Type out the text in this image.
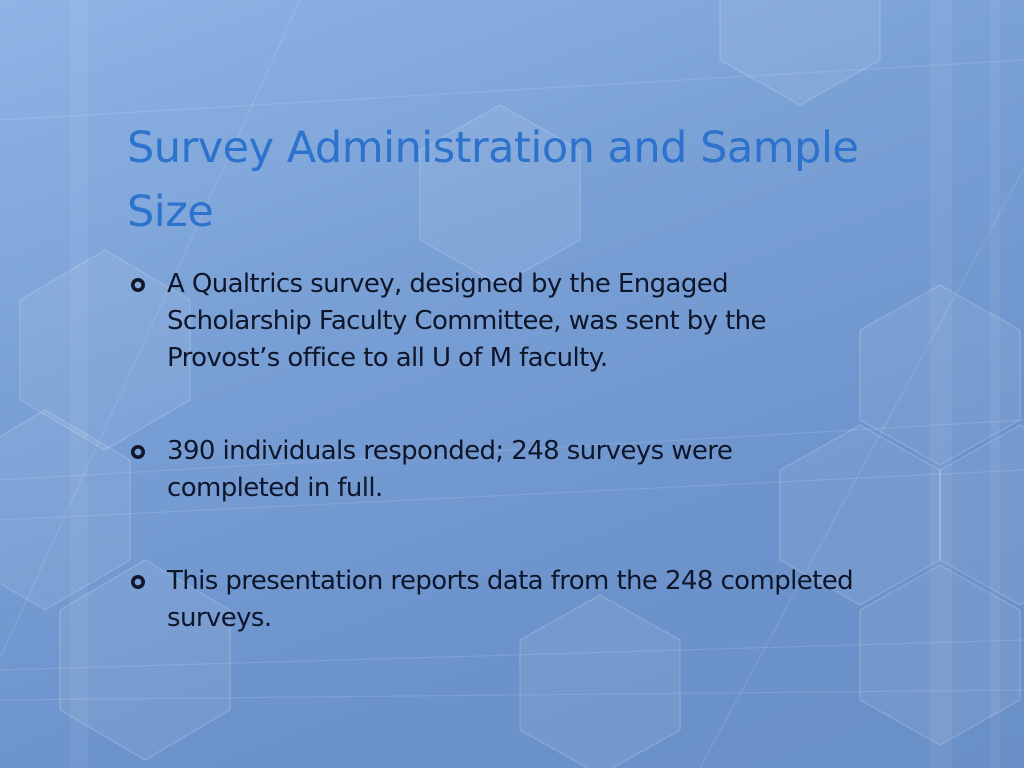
Survey Administration and Sample Size
A Qualtrics survey, designed by the Engaged Scholarship Faculty Committee, was sent by the Provost’s office to all U of M faculty.
390 individuals responded; 248 surveys were completed in full.
This presentation reports data from the 248 completed surveys.
